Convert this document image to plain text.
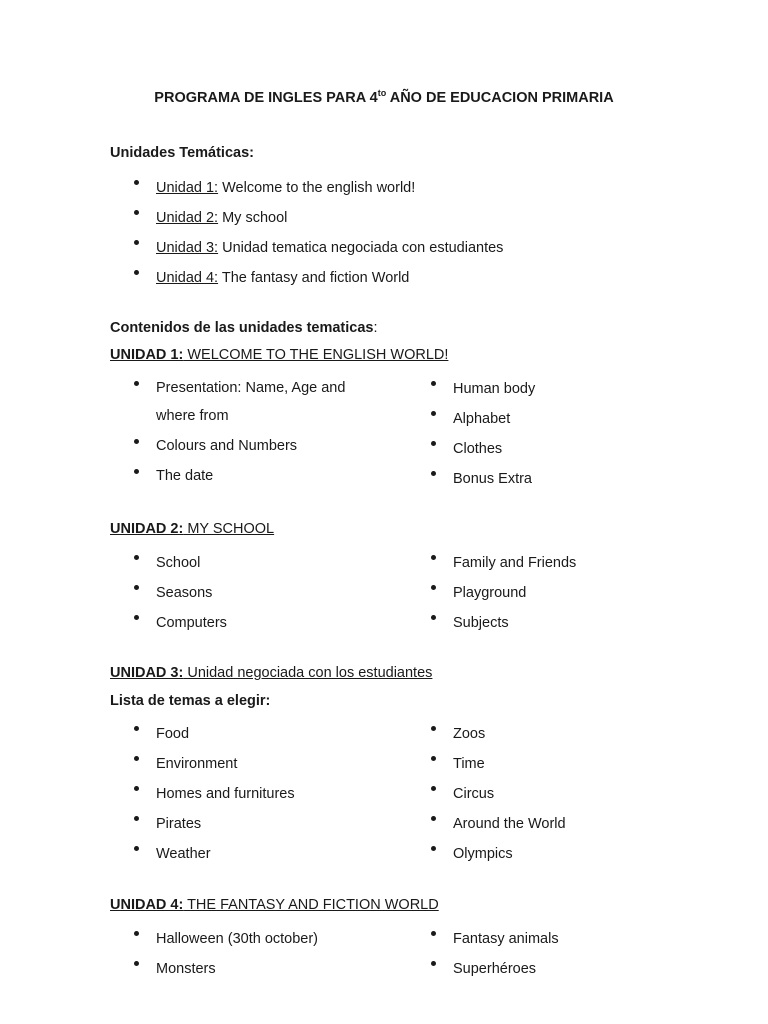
PROGRAMA DE INGLES PARA $4^{to}$ AÑO DE EDUCACION PRIMARIA
Unidades Temáticas:
Unidad 1: Welcome to the english world!
Unidad 2: My school
Unidad 3: Unidad tematica negociada con estudiantes
Unidad 4: The fantasy and fiction World
Contenidos de las unidades tematicas:
UNIDAD 1: WELCOME TO THE ENGLISH WORLD!
Presentation: Name, Age and where from
Colours and Numbers
The date
Human body
Alphabet
Clothes
Bonus Extra
UNIDAD 2: MY SCHOOL
School
Seasons
Computers
Family and Friends
Playground
Subjects
UNIDAD 3: Unidad negociada con los estudiantes
Lista de temas a elegir:
Food
Environment
Homes and furnitures
Pirates
Weather
Zoos
Time
Circus
Around the World
Olympics
UNIDAD 4: THE FANTASY AND FICTION WORLD
Halloween (30th october)
Monsters
Fantasy animals
Superhéroes
